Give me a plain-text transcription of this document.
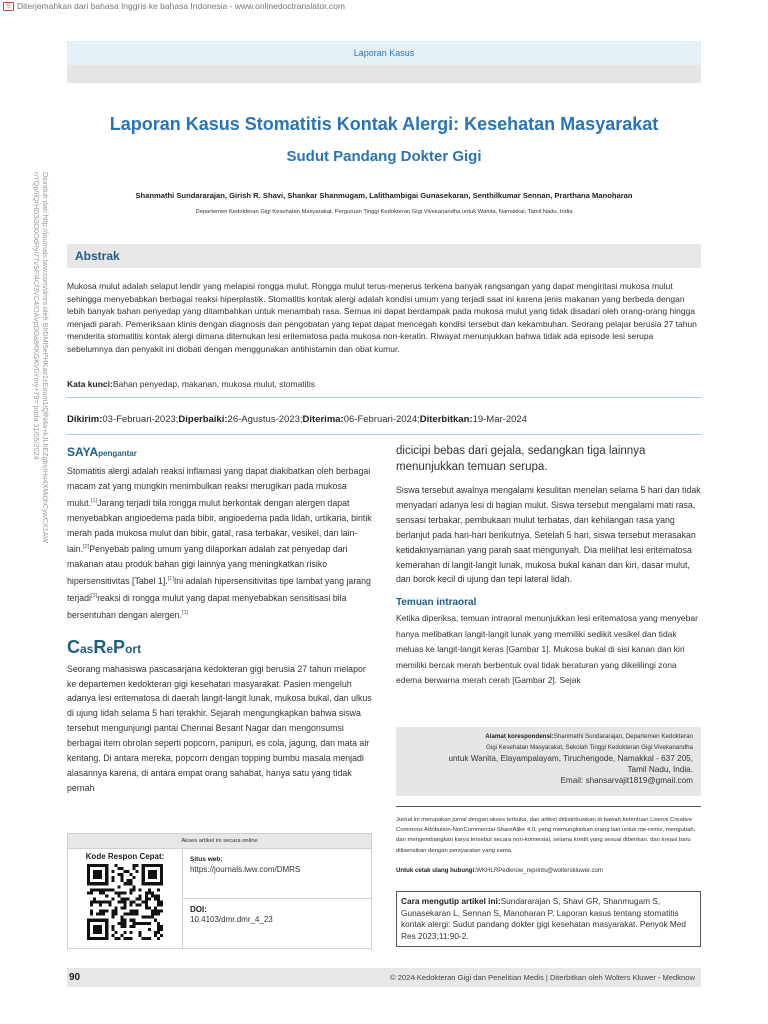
⎘ Diterjemahkan dari bahasa Inggris ke bahasa Indonesia - www.onlinedoctranslator.com
Diunduh dari http://journals.lww.com/dmrs oleh BhDMf5ePHKav1zEoum1tQfN4a+kJLhEZgbsIHo4XMi0hCywCX1AW nYQp/IlQrHD3i3D0OdRyi7TvSFl4Cf3VC4/OAVpDDa8KKGKV0Ymy+78= pada 31/05/2024
Laporan Kasus
Laporan Kasus Stomatitis Kontak Alergi: Kesehatan Masyarakat
Sudut Pandang Dokter Gigi
Shanmathi Sundararajan, Girish R. Shavi, Shankar Shanmugam, Lalithambigai Gunasekaran, Senthilkumar Sennan, Prarthana Manoharan
Departemen Kedokteran Gigi Kesehatan Masyarakat, Perguruan Tinggi Kedokteran Gigi Vivekanandha untuk Wanita, Namakkal, Tamil Nadu, India
Abstrak
Mukosa mulut adalah selaput lendir yang melapisi rongga mulut. Rongga mulut terus-menerus terkena banyak rangsangan yang dapat mengiritasi mukosa mulut sehingga menyebabkan berbagai reaksi hiperplastik. Stomatitis kontak alergi adalah kondisi umum yang terjadi saat ini karena jenis makanan yang berbeda dengan lebih banyak bahan penyedap yang ditambahkan untuk menambah rasa. Semua ini dapat berdampak pada mukosa mulut yang tidak disadari oleh orang-orang hingga menjadi parah. Pemeriksaan klinis dengan diagnosis dan pengobatan yang tepat dapat mencegah kondisi tersebut dan kekambuhan. Seorang pelajar berusia 27 tahun menderita stomatitis kontak alergi dimana ditemukan lesi eritematosa pada mukosa non-keratin. Riwayat menunjukkan bahwa tidak ada episode lesi serupa sebelumnya dan penyakit ini diobati dengan menggunakan antihistamin dan obat kumur.
Kata kunci:Bahan penyedap, makanan, mukosa mulut, stomatitis
Dikirim:03-Februari-2023;Diperbaiki:26-Agustus-2023;Diterima:06-Februari-2024;Diterbitkan:19-Mar-2024
SAYApengantar
Stomatitis alergi adalah reaksi inflamasi yang dapat diakibatkan oleh berbagai macam zat yang mungkin menimbulkan reaksi merugikan pada mukosa mulut.[1]Jarang terjadi bila rongga mulut berkontak dengan alergen dapat menyebabkan angioedema pada bibir, angioedema pada lidah, urtikaria, bintik merah pada mukosa mulut dan bibir, gatal, rasa terbakar, vesikel, dan lain-lain.[2]Penyebab paling umum yang dilaporkan adalah zat penyedap dari makanan atau produk bahan gigi lainnya yang meningkatkan risiko hipersensitivitas [Tabel 1].[1]Ini adalah hipersensitivitas tipe lambat yang jarang terjadi[3]reaksi di rongga mulut yang dapat menyebabkan sensitisasi bila bersentuhan dengan alergen.[1]
CasRePort
Seorang mahasiswa pascasarjana kedokteran gigi berusia 27 tahun melapor ke departemen kedokteran gigi kesehatan masyarakat. Pasien mengeluh adanya lesi eritematosa di daerah langit-langit lunak, mukosa bukal, dan ulkus di ujung lidah selama 5 hari terakhir. Sejarah mengungkapkan bahwa siswa tersebut mengunjungi pantai Chennai Besant Nagar dan mengonsumsi berbagai item obrolan seperti popcorn, panipuri, es cola, jagung, dan mata air kentang. Di antara mereka, popcorn dengan topping bumbu masala menjadi alasannya karena, di antara empat orang sahabat, hanya satu yang tidak pernah
dicicipi bebas dari gejala, sedangkan tiga lainnya menunjukkan temuan serupa.
Siswa tersebut awalnya mengalami kesulitan menelan selama 5 hari dan tidak menyadari adanya lesi di bagian mulut. Siswa tersebut mengalami mati rasa, sensasi terbakar, pembukaan mulut terbatas, dan kehilangan rasa yang berlanjut pada hari-hari berikutnya. Setelah 5 hari, siswa tersebut merasakan ketidaknyamanan yang parah saat mengunyah. Dia melihat lesi eritematosa kemerahan di langit-langit lunak, mukosa bukal kanan dan kiri, dasar mulut, dan borok kecil di ujung dan tepi lateral lidah.
Temuan intraoral
Ketika diperiksa, temuan intraoral menunjukkan lesi eritematosa yang menyebar hanya melibatkan langit-langit lunak yang memiliki sedikit vesikel dan tidak meluas ke langit-langit keras [Gambar 1]. Mukosa bukal di sisi kanan dan kiri memiliki bercak merah berbentuk oval tidak beraturan yang dikelilingi zona edema berwarna merah cerah [Gambar 2]. Sejak
Alamat korespondensi:Shanmathi Sundararajan, Departemen Kedokteran
Gigi Kesehatan Masyarakat, Sekolah Tinggi Kedokteran Gigi Vivekanandha
untuk Wanita, Elayampalayam, Tiruchengode, Namakkal - 637 205,
Tamil Nadu, India.
Email: shansarvajit1819@gmail.com
Jurnal ini merupakan jurnal dengan akses terbuka, dan artikel didistribusikan di bawah ketentuan Lisensi Creative Commons Attribution-NonCommercial-ShareAlike 4.0, yang memungkinkan orang lain untuk me-remix, mengubah, dan mengembangkan karya tersebut secara non-komersial, selama kredit yang sesuai diberikan. dan kreasi baru dilisensikan dengan persyaratan yang sama.
Untuk cetak ulang hubungi:WKHLRPedknow_reprints@wolterskluwer.com
Cara mengutip artikel ini:Sundararajan S, Shavi GR, Shanmugam S, Gunasekaran L, Sennan S, Manoharan P. Laporan kasus tentang stomatitis kontak alergi: Sudut pandang dokter gigi kesehatan masyarakat. Penyok Med Res 2023;11:90-2.
Akses artikel ini secara online
Kode Respon Cepat:	Situs web:
https://journals.lww.com/DMRS
DOI:
10.4103/dmr.dmr_4_23
90	© 2024 Kedokteran Gigi dan Penelitian Medis | Diterbitkan oleh Wolters Kluwer - Medknow
